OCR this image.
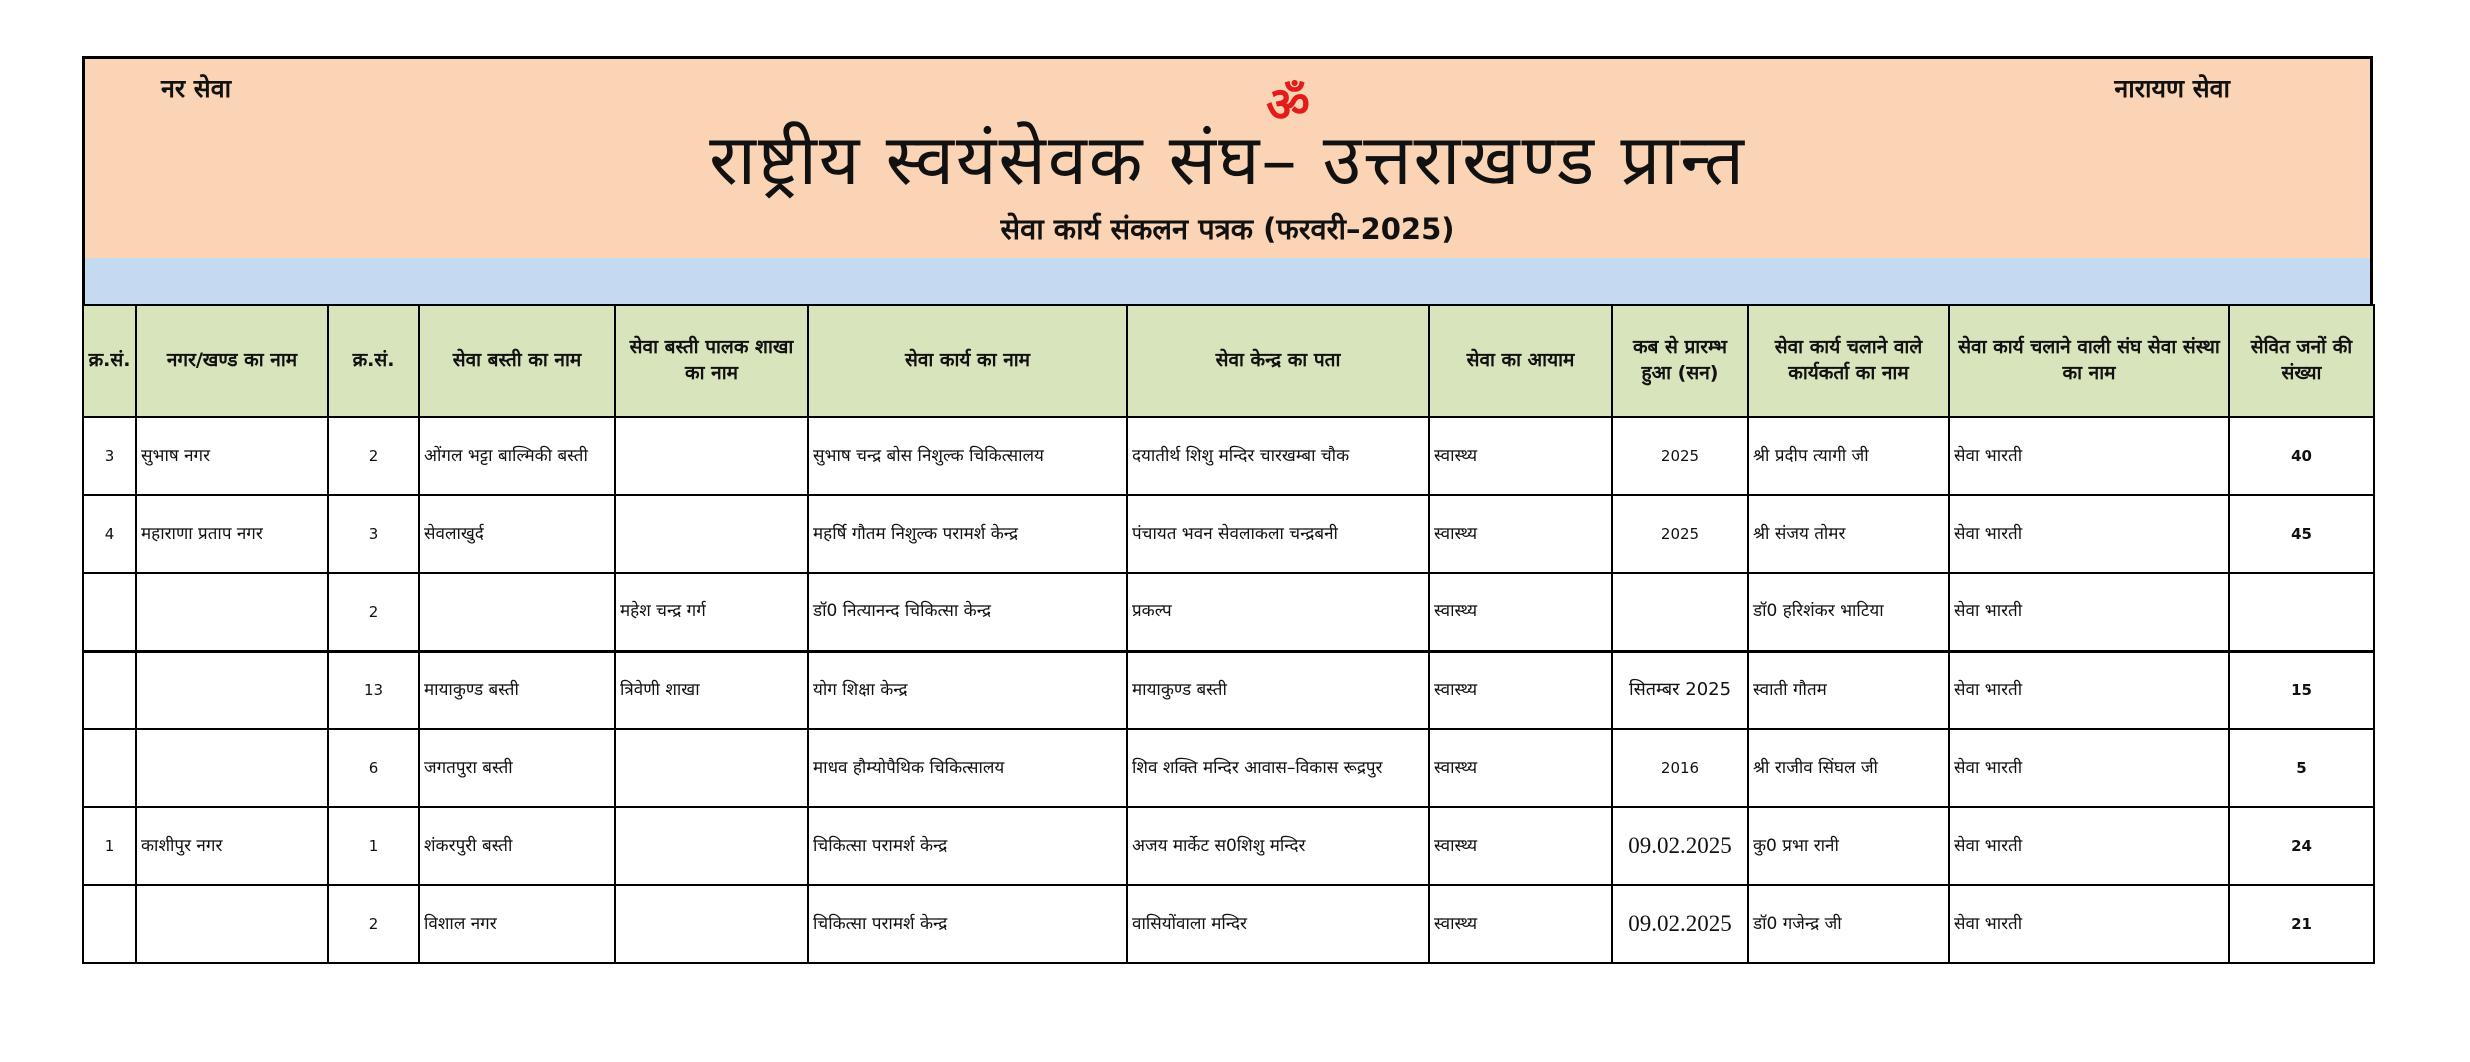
नर सेवा	नारायण सेवा
ॐ
राष्ट्रीय स्वयंसेवक संघ– उत्तराखण्ड प्रान्त
सेवा कार्य संकलन पत्रक (फरवरी–2025)
क्र.सं.	नगर/खण्ड का नाम	क्र.सं.	सेवा बस्ती का नाम	सेवा बस्ती पालक शाखा का नाम	सेवा कार्य का नाम	सेवा केन्द्र का पता	सेवा का आयाम	कब से प्रारम्भ हुआ (सन)	सेवा कार्य चलाने वाले कार्यकर्ता का नाम	सेवा कार्य चलाने वाली संघ सेवा संस्था का नाम	सेवित जनों की संख्या
3	सुभाष नगर	2	ओंगल भट्टा बाल्मिकी बस्ती		सुभाष चन्द्र बोस निशुल्क चिकित्सालय	दयातीर्थ शिशु मन्दिर चारखम्बा चौक	स्वास्थ्य	2025	श्री प्रदीप त्यागी जी	सेवा भारती	40
4	महाराणा प्रताप नगर	3	सेवलाखुर्द		महर्षि गौतम निशुल्क परामर्श केन्द्र	पंचायत भवन सेवलाकला चन्द्रबनी	स्वास्थ्य	2025	श्री संजय तोमर	सेवा भारती	45
		2		महेश चन्द्र गर्ग	डॉ0 नित्यानन्द चिकित्सा केन्द्र	प्रकल्प	स्वास्थ्य		डॉ0 हरिशंकर भाटिया	सेवा भारती	
		13	मायाकुण्ड बस्ती	त्रिवेणी शाखा	योग शिक्षा केन्द्र	मायाकुण्ड बस्ती	स्वास्थ्य	सितम्बर 2025	स्वाती गौतम	सेवा भारती	15
		6	जगतपुरा बस्ती		माधव हौम्योपैथिक चिकित्सालय	शिव शक्ति मन्दिर आवास–विकास रूद्रपुर	स्वास्थ्य	2016	श्री राजीव सिंघल जी	सेवा भारती	5
1	काशीपुर नगर	1	शंकरपुरी बस्ती		चिकित्सा परामर्श केन्द्र	अजय मार्केट स0शिशु मन्दिर	स्वास्थ्य	09.02.2025	कु0 प्रभा रानी	सेवा भारती	24
		2	विशाल नगर		चिकित्सा परामर्श केन्द्र	वासियोंवाला मन्दिर	स्वास्थ्य	09.02.2025	डॉ0 गजेन्द्र जी	सेवा भारती	21
